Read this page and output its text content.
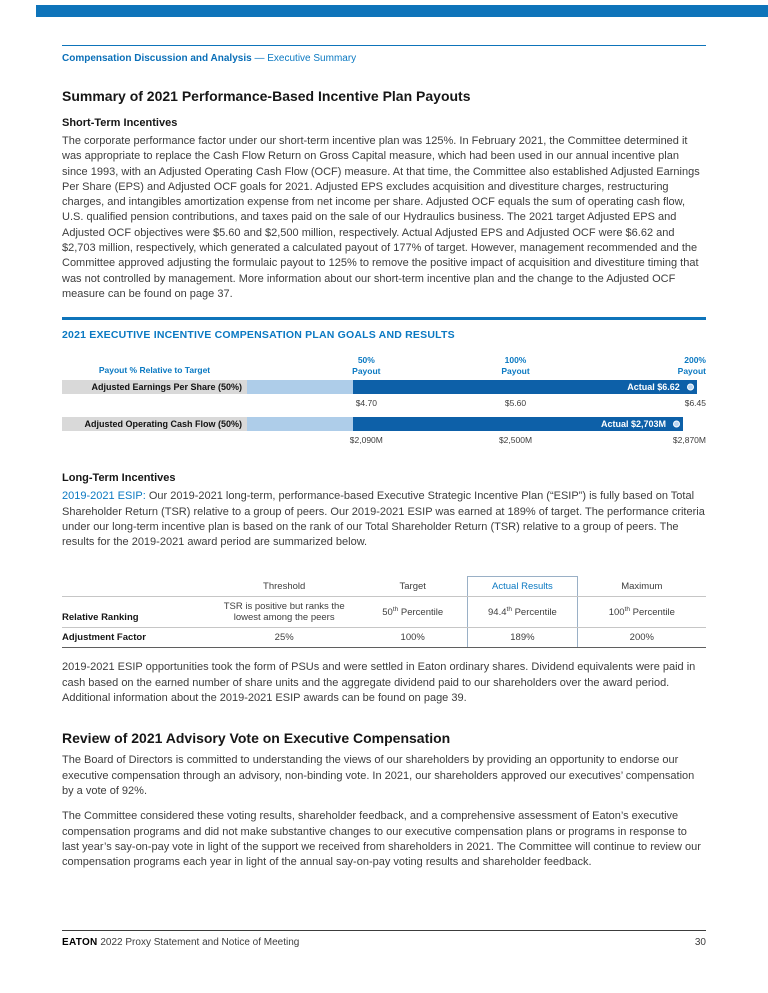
Compensation Discussion and Analysis — Executive Summary
Summary of 2021 Performance-Based Incentive Plan Payouts
Short-Term Incentives

The corporate performance factor under our short-term incentive plan was 125%. In February 2021, the Committee determined it was appropriate to replace the Cash Flow Return on Gross Capital measure, which had been used in our annual incentive plan since 1993, with an Adjusted Operating Cash Flow (OCF) measure. At that time, the Committee also established Adjusted Earnings Per Share (EPS) and Adjusted OCF goals for 2021. Adjusted EPS excludes acquisition and divestiture charges, restructuring charges, and intangibles amortization expense from net income per share. Adjusted OCF equals the sum of operating cash flow, U.S. qualified pension contributions, and taxes paid on the sale of our Hydraulics business. The 2021 target Adjusted EPS and Adjusted OCF objectives were $5.60 and $2,500 million, respectively. Actual Adjusted EPS and Adjusted OCF were $6.62 and $2,703 million, respectively, which generated a calculated payout of 177% of target. However, management recommended and the Committee approved adjusting the formulaic payout to 125% to remove the positive impact of acquisition and divestiture timing that was not controlled by management. More information about our short-term incentive plan and the change to the Adjusted OCF measure can be found on page 37.

2021 EXECUTIVE INCENTIVE COMPENSATION PLAN GOALS AND RESULTS
Payout % Relative to Target
50%
Payout
100%
Payout
200%
Payout
Adjusted Earnings Per Share (50%)	Actual $6.62
$4.70	$5.60	$6.45
Adjusted Operating Cash Flow (50%)	Actual $2,703M
$2,090M	$2,500M	$2,870M
Long-Term Incentives

2019-2021 ESIP: Our 2019-2021 long-term, performance-based Executive Strategic Incentive Plan (“ESIP”) is fully based on Total Shareholder Return (TSR) relative to a group of peers. Our 2019-2021 ESIP was earned at 189% of target. The performance criteria under our long-term incentive plan is based on the rank of our Total Shareholder Return (TSR) relative to a group of peers. The results for the 2019-2021 award period are summarized below.

	Threshold	Target	Actual Results	Maximum
Relative Ranking	TSR is positive but ranks the lowest among the peers	50th Percentile	94.4th Percentile	100th Percentile
Adjustment Factor	25%	100%	189%	200%

2019-2021 ESIP opportunities took the form of PSUs and were settled in Eaton ordinary shares. Dividend equivalents were paid in cash based on the earned number of share units and the aggregate dividend paid to our shareholders over the award period. Additional information about the 2019-2021 ESIP awards can be found on page 39.

Review of 2021 Advisory Vote on Executive Compensation

The Board of Directors is committed to understanding the views of our shareholders by providing an opportunity to endorse our executive compensation through an advisory, non-binding vote. In 2021, our shareholders approved our executives’ compensation by a vote of 92%.

The Committee considered these voting results, shareholder feedback, and a comprehensive assessment of Eaton’s executive compensation programs and did not make substantive changes to our executive compensation plans or programs in response to last year’s say-on-pay vote in light of the support we received from shareholders in 2021. The Committee will continue to review our compensation programs each year in light of the annual say-on-pay voting results and shareholder feedback.

EATON 2022 Proxy Statement and Notice of Meeting	30
